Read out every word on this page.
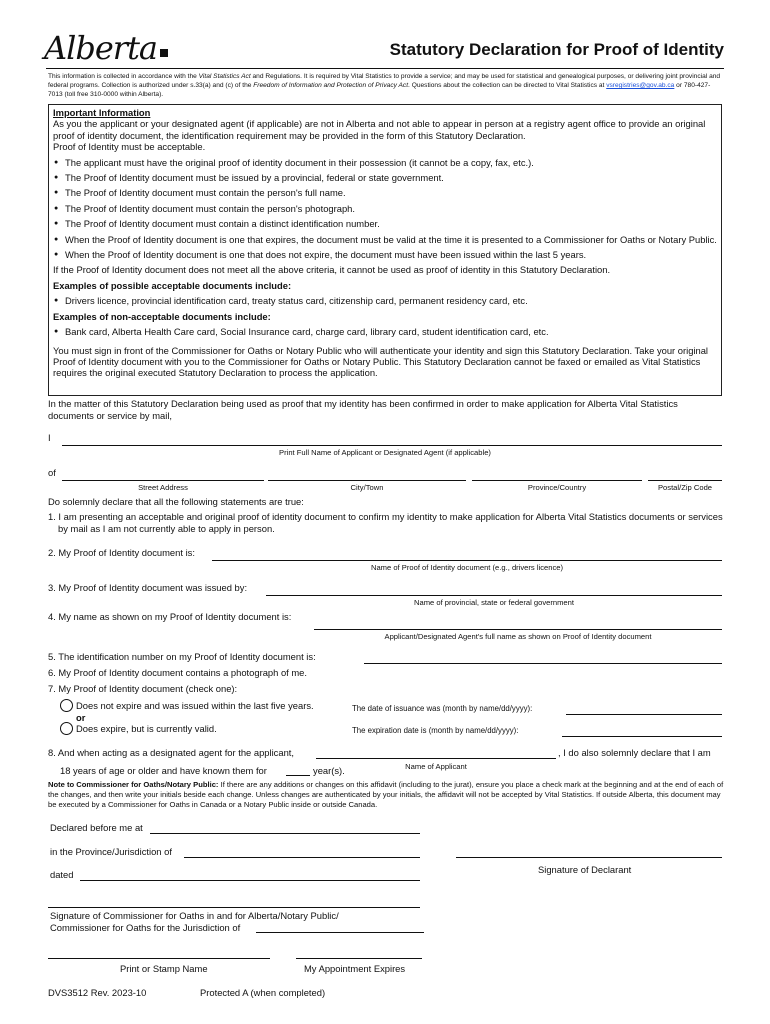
Alberta	Statutory Declaration for Proof of Identity
This information is collected in accordance with the Vital Statistics Act and Regulations. It is required by Vital Statistics to provide a service; and may be used for statistical and genealogical purposes, or delivering joint provincial and federal programs. Collection is authorized under s.33(a) and (c) of the Freedom of Information and Protection of Privacy Act. Questions about the collection can be directed to Vital Statistics at vsregistries@gov.ab.ca or 780-427-7013 (toll free 310-0000 within Alberta).
Important Information
As you the applicant or your designated agent (if applicable) are not in Alberta and not able to appear in person at a registry agent office to provide an original proof of identity document, the identification requirement may be provided in the form of this Statutory Declaration.
Proof of Identity must be acceptable.
● The applicant must have the original proof of identity document in their possession (it cannot be a copy, fax, etc.).
● The Proof of Identity document must be issued by a provincial, federal or state government.
● The Proof of Identity document must contain the person's full name.
● The Proof of Identity document must contain the person's photograph.
● The Proof of Identity document must contain a distinct identification number.
● When the Proof of Identity document is one that expires, the document must be valid at the time it is presented to a Commissioner for Oaths or Notary Public.
● When the Proof of Identity document is one that does not expire, the document must have been issued within the last 5 years.
If the Proof of Identity document does not meet all the above criteria, it cannot be used as proof of identity in this Statutory Declaration.
Examples of possible acceptable documents include:
● Drivers licence, provincial identification card, treaty status card, citizenship card, permanent residency card, etc.
Examples of non-acceptable documents include:
● Bank card, Alberta Health Care card, Social Insurance card, charge card, library card, student identification card, etc.
You must sign in front of the Commissioner for Oaths or Notary Public who will authenticate your identity and sign this Statutory Declaration. Take your original Proof of Identity document with you to the Commissioner for Oaths or Notary Public. This Statutory Declaration cannot be faxed or emailed as Vital Statistics requires the original executed Statutory Declaration to process the application.
In the matter of this Statutory Declaration being used as proof that my identity has been confirmed in order to make application for Alberta Vital Statistics documents or service by mail,
I
Print Full Name of Applicant or Designated Agent (if applicable)
of
Street Address	City/Town	Province/Country	Postal/Zip Code
Do solemnly declare that all the following statements are true:
1. I am presenting an acceptable and original proof of identity document to confirm my identity to make application for Alberta Vital Statistics documents or services by mail as I am not currently able to apply in person.
2. My Proof of Identity document is:
Name of Proof of Identity document (e.g., drivers licence)
3. My Proof of Identity document was issued by:
Name of provincial, state or federal government
4. My name as shown on my Proof of Identity document is:
Applicant/Designated Agent's full name as shown on Proof of Identity document
5. The identification number on my Proof of Identity document is:
6. My Proof of Identity document contains a photograph of me.
7. My Proof of Identity document (check one):
Does not expire and was issued within the last five years.
or
Does expire, but is currently valid.
The date of issuance was (month by name/dd/yyyy):
The expiration date is (month by name/dd/yyyy):
8. And when acting as a designated agent for the applicant,	, I do also solemnly declare that I am
Name of Applicant
18 years of age or older and have known them for	year(s).
Note to Commissioner for Oaths/Notary Public: If there are any additions or changes on this affidavit (including to the jurat), ensure you place a check mark at the beginning and at the end of each of the changes, and then write your initials beside each change. Unless changes are authenticated by your initials, the affidavit will not be accepted by Vital Statistics. If outside Alberta, this document may be executed by a Commissioner for Oaths in Canada or a Notary Public inside or outside Canada.
Declared before me at
in the Province/Jurisdiction of
Signature of Declarant
dated
Signature of Commissioner for Oaths in and for Alberta/Notary Public/
Commissioner for Oaths for the Jurisdiction of
Print or Stamp Name	My Appointment Expires
DVS3512 Rev. 2023-10	Protected A (when completed)
